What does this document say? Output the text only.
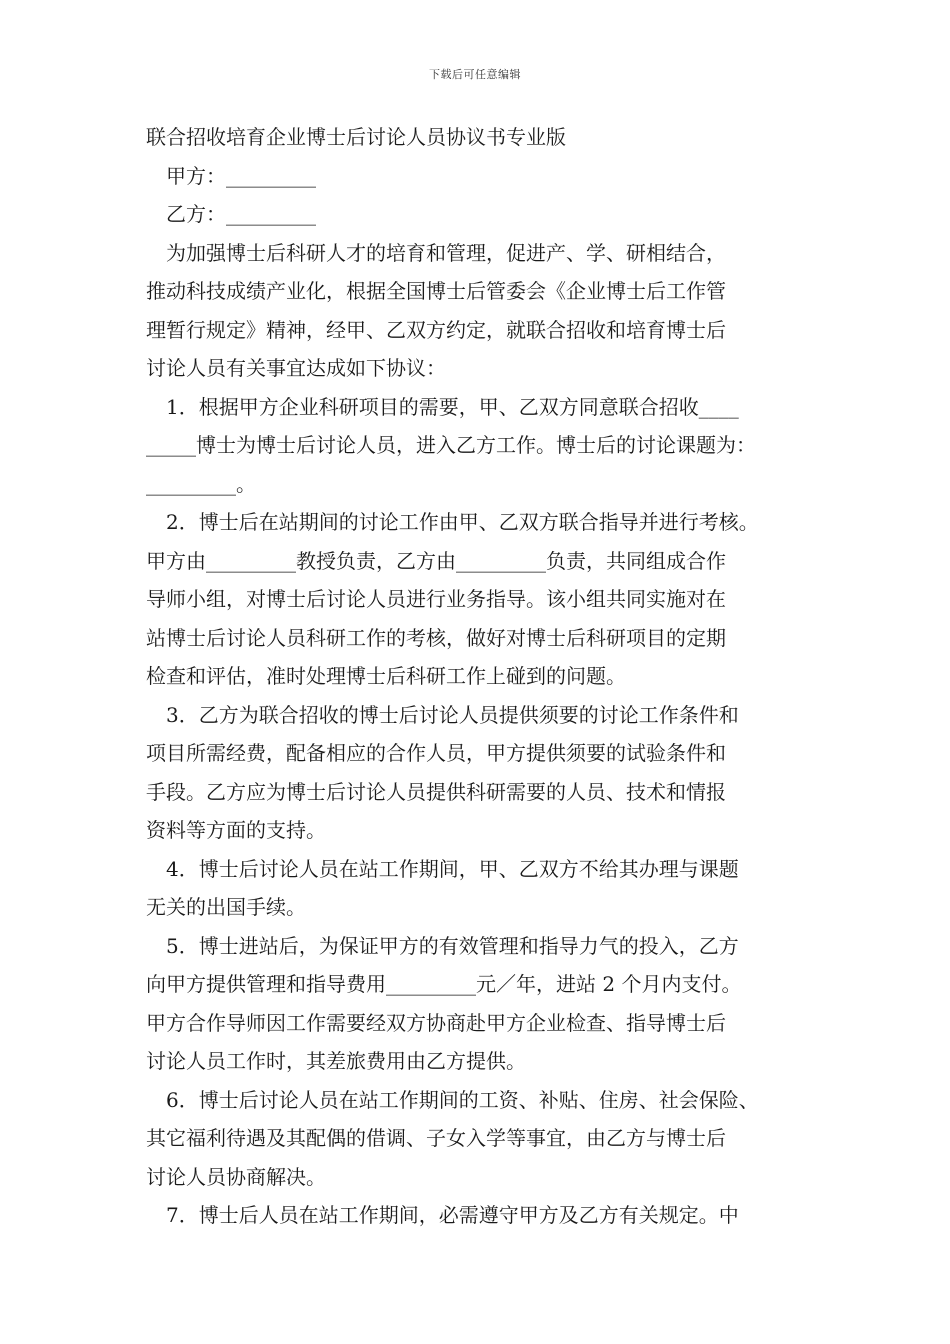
下载后可任意编辑
联合招收培育企业博士后讨论人员协议书专业版
甲方：_________
乙方：_________
为加强博士后科研人才的培育和管理，促进产、学、研相结合，
推动科技成绩产业化，根据全国博士后管委会《企业博士后工作管
理暂行规定》精神，经甲、乙双方约定，就联合招收和培育博士后
讨论人员有关事宜达成如下协议：
1．根据甲方企业科研项目的需要，甲、乙双方同意联合招收____
_____博士为博士后讨论人员，进入乙方工作。博士后的讨论课题为：
_________。
2．博士后在站期间的讨论工作由甲、乙双方联合指导并进行考核。
甲方由_________教授负责，乙方由_________负责，共同组成合作
导师小组，对博士后讨论人员进行业务指导。该小组共同实施对在
站博士后讨论人员科研工作的考核，做好对博士后科研项目的定期
检查和评估，准时处理博士后科研工作上碰到的问题。
3．乙方为联合招收的博士后讨论人员提供须要的讨论工作条件和
项目所需经费，配备相应的合作人员，甲方提供须要的试验条件和
手段。乙方应为博士后讨论人员提供科研需要的人员、技术和情报
资料等方面的支持。
4．博士后讨论人员在站工作期间，甲、乙双方不给其办理与课题
无关的出国手续。
5．博士进站后，为保证甲方的有效管理和指导力气的投入，乙方
向甲方提供管理和指导费用_________元／年，进站 2 个月内支付。
甲方合作导师因工作需要经双方协商赴甲方企业检查、指导博士后
讨论人员工作时，其差旅费用由乙方提供。
6．博士后讨论人员在站工作期间的工资、补贴、住房、社会保险、
其它福利待遇及其配偶的借调、子女入学等事宜，由乙方与博士后
讨论人员协商解决。
7．博士后人员在站工作期间，必需遵守甲方及乙方有关规定。中
